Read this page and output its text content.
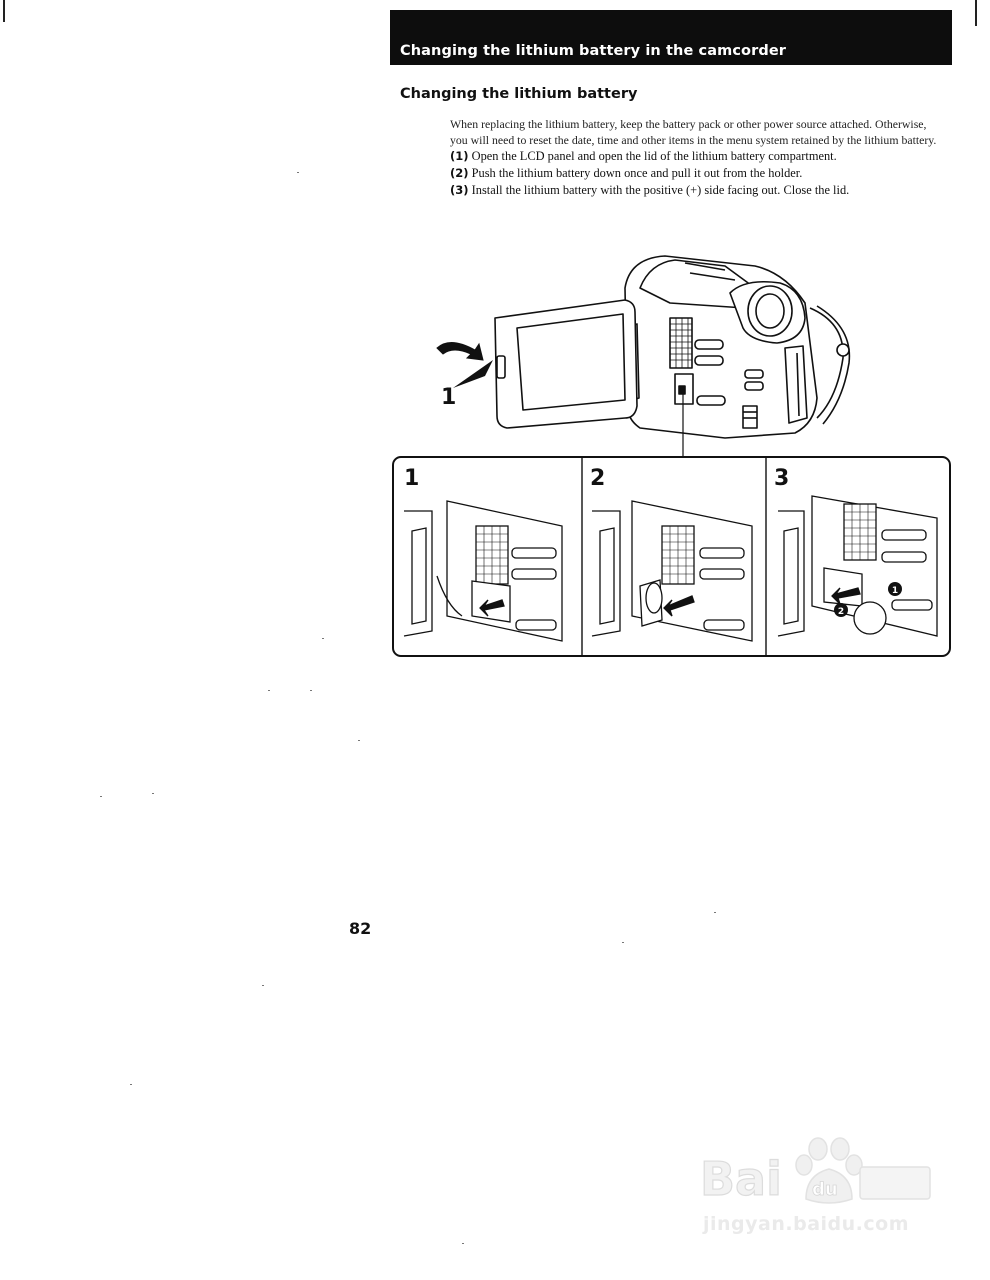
Changing the lithium battery in the camcorder
Changing the lithium battery

When replacing the lithium battery, keep the battery pack or other power source attached. Otherwise, you will need to reset the date, time and other items in the menu system retained by the lithium battery.

(1) Open the LCD panel and open the lid of the lithium battery compartment.

(2) Push the lithium battery down once and pull it out from the holder.

(3) Install the lithium battery with the positive (+) side facing out. Close the lid.

1
1	2
1
2
3
82
Bai du
jingyan.baidu.com
